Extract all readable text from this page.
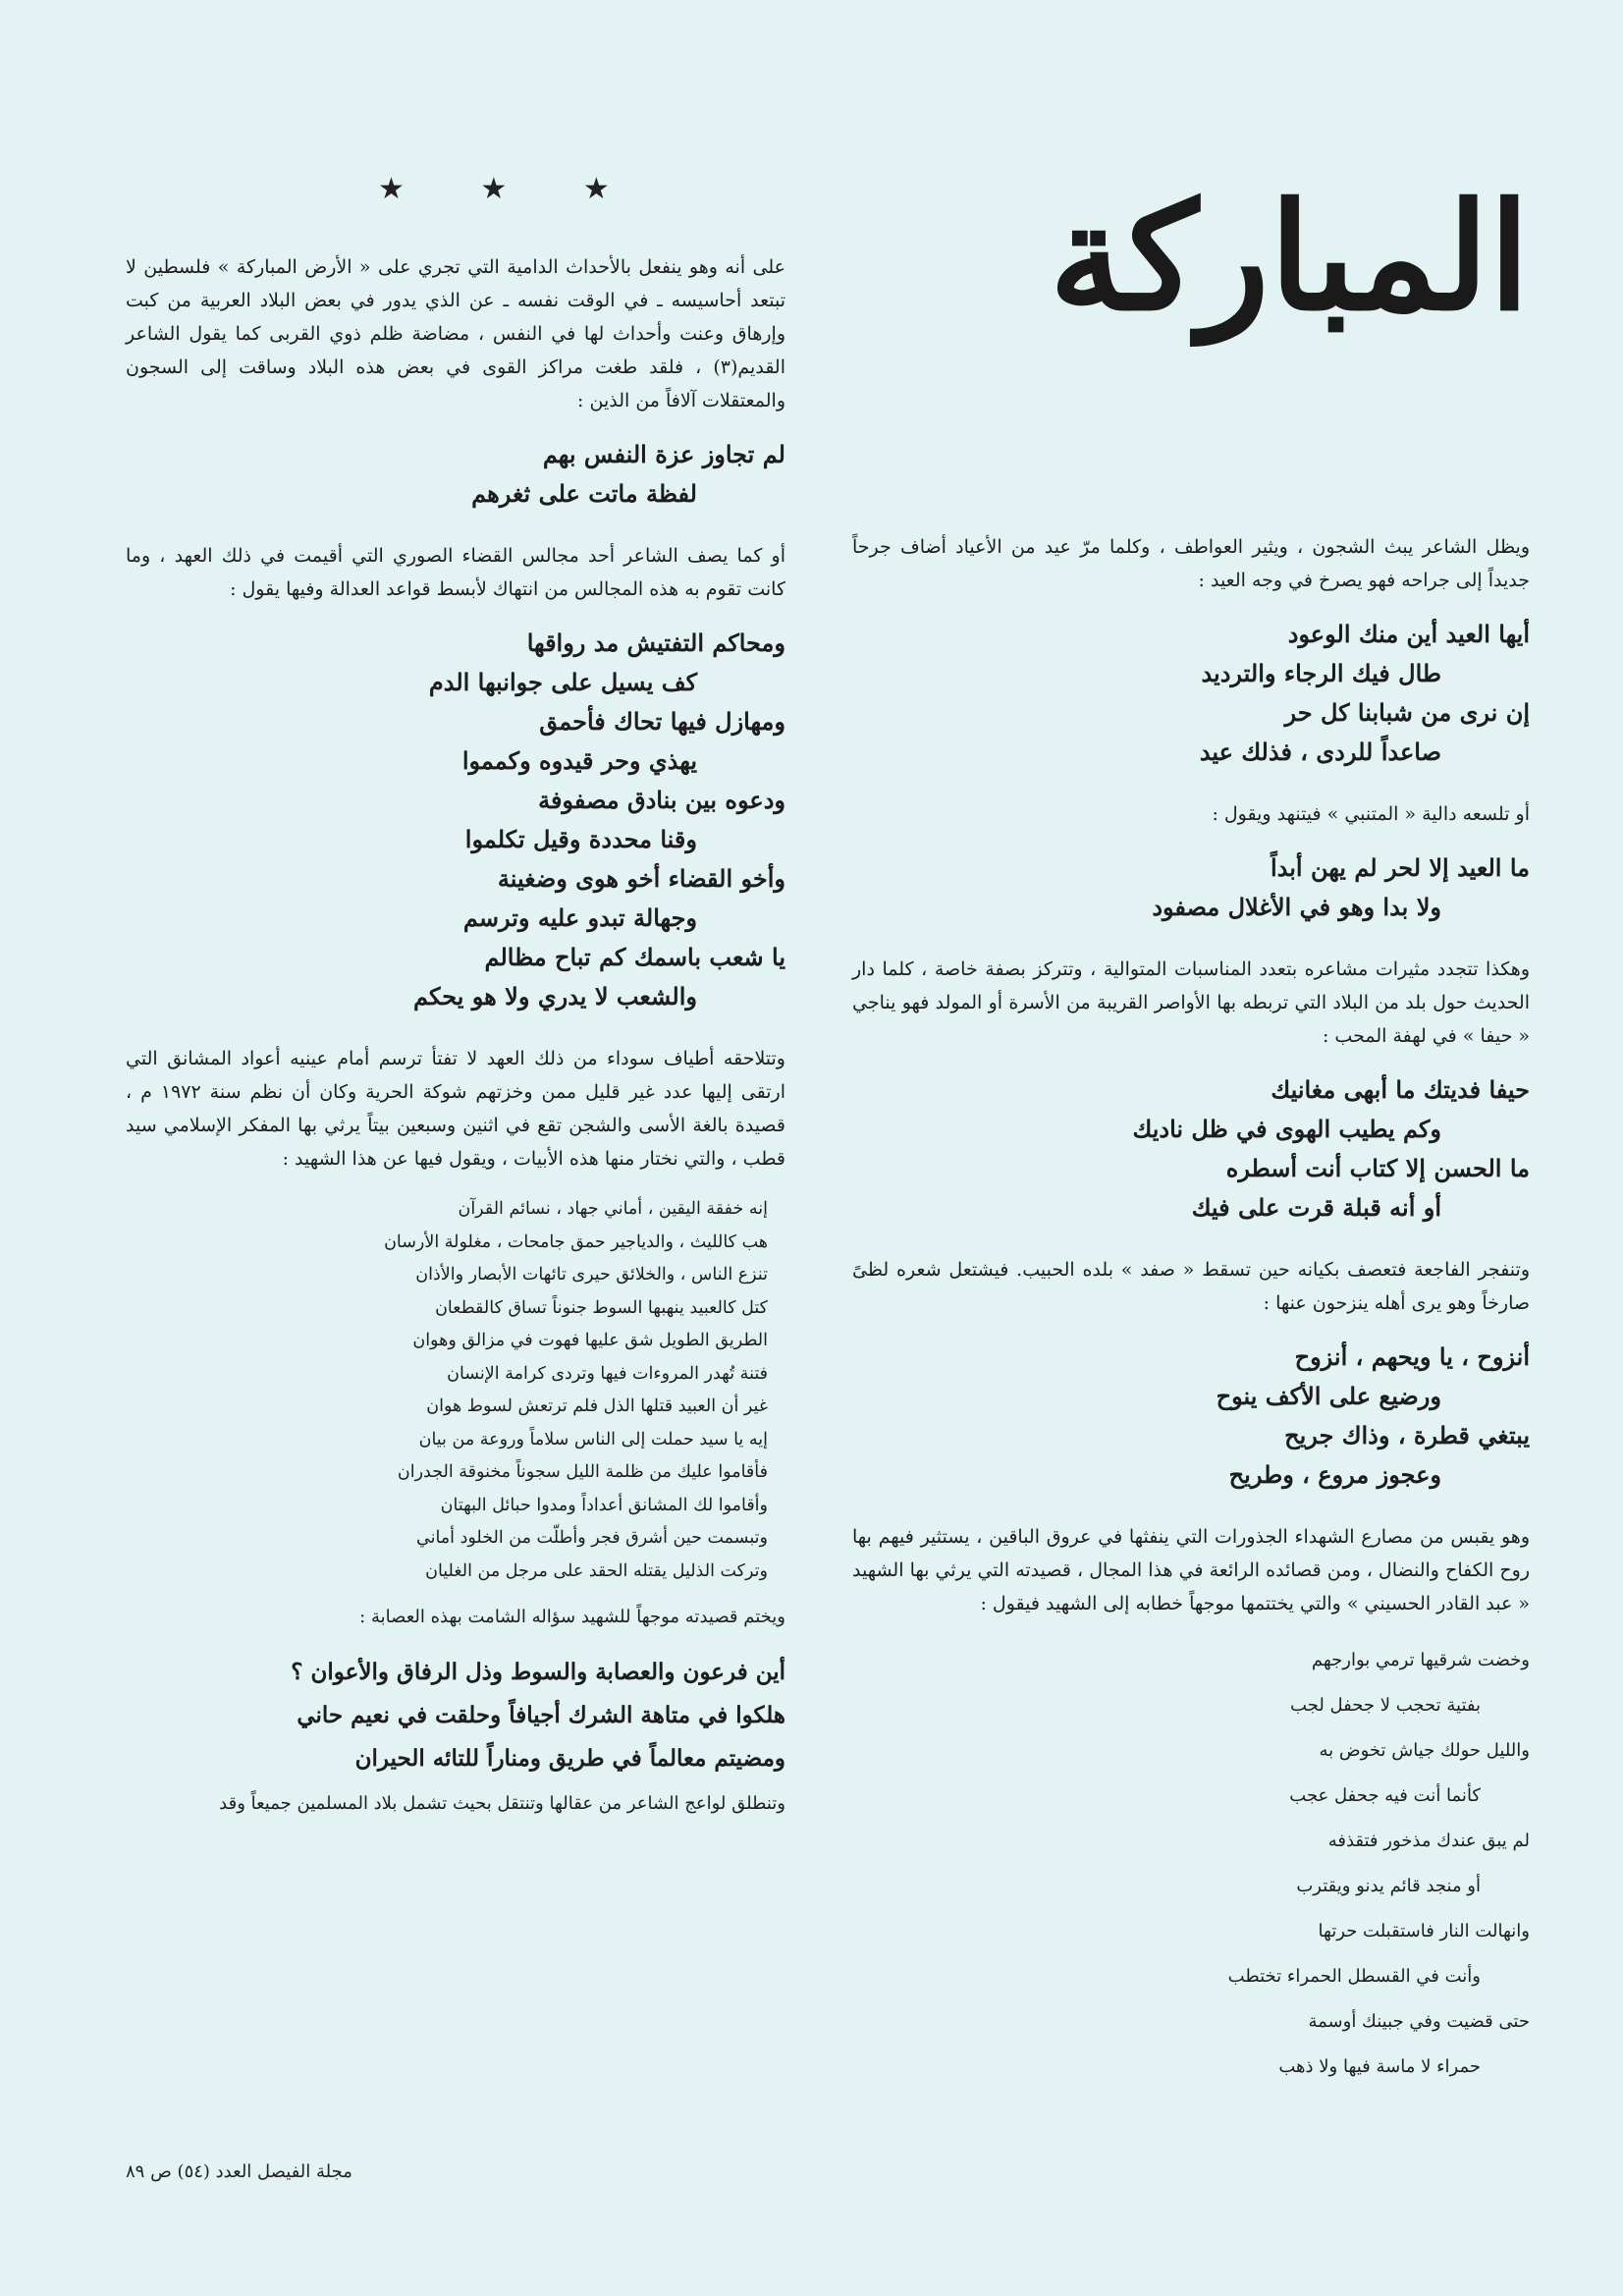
المباركة
★ ★ ★

ويظل الشاعر يبث الشجون ، ويثير العواطف ، وكلما مرّ عيد من الأعياد أضاف جرحاً جديداً إلى جراحه فهو يصرخ في وجه العيد :

أيها العيد أين منك الوعود
طال فيك الرجاء والترديد
إن نرى من شبابنا كل حر
صاعداً للردى ، فذلك عيد

أو تلسعه دالية « المتنبي » فيتنهد ويقول :

ما العيد إلا لحر لم يهن أبداً
ولا بدا وهو في الأغلال مصفود

وهكذا تتجدد مثيرات مشاعره بتعدد المناسبات المتوالية ، وتتركز بصفة خاصة ، كلما دار الحديث حول بلد من البلاد التي تربطه بها الأواصر القريبة من الأسرة أو المولد فهو يناجي « حيفا » في لهفة المحب :

حيفا فديتك ما أبهى مغانيك
وكم يطيب الهوى في ظل ناديك
ما الحسن إلا كتاب أنت أسطره
أو أنه قبلة قرت على فيك

وتنفجر الفاجعة فتعصف بكيانه حين تسقط « صفد » بلده الحبيب. فيشتعل شعره لظىً صارخاً وهو يرى أهله ينزحون عنها :

أنزوح ، يا ويحهم ، أنزوح
ورضيع على الأكف ينوح
يبتغي قطرة ، وذاك جريح
وعجوز مروع ، وطريح

وهو يقبس من مصارع الشهداء الجذورات التي ينفثها في عروق الباقين ، يستثير فيهم بها روح الكفاح والنضال ، ومن قصائده الرائعة في هذا المجال ، قصيدته التي يرثي بها الشهيد « عبد القادر الحسيني » والتي يختتمها موجهاً خطابه إلى الشهيد فيقول :

وخضت شرقيها ترمي بوارجهم
بفتية تحجب لا جحفل لجب
والليل حولك جياش تخوض به
كأنما أنت فيه جحفل عجب
لم يبق عندك مذخور فتقذفه
أو منجد قائم يدنو ويقترب
وانهالت النار فاستقبلت حرتها
وأنت في القسطل الحمراء تختطب
حتى قضيت وفي جبينك أوسمة
حمراء لا ماسة فيها ولا ذهب

على أنه وهو ينفعل بالأحداث الدامية التي تجري على « الأرض المباركة » فلسطين لا تبتعد أحاسيسه ـ في الوقت نفسه ـ عن الذي يدور في بعض البلاد العربية من كبت وإرهاق وعنت وأحداث لها في النفس ، مضاضة ظلم ذوي القربى كما يقول الشاعر القديم(٣) ، فلقد طغت مراكز القوى في بعض هذه البلاد وساقت إلى السجون والمعتقلات آلافاً من الذين :

لم تجاوز عزة النفس بهم
لفظة ماتت على ثغرهم

أو كما يصف الشاعر أحد مجالس القضاء الصوري التي أقيمت في ذلك العهد ، وما كانت تقوم به هذه المجالس من انتهاك لأبسط قواعد العدالة وفيها يقول :

ومحاكم التفتيش مد رواقها
كف يسيل على جوانبها الدم
ومهازل فيها تحاك فأحمق
يهذي وحر قيدوه وكمموا
ودعوه بين بنادق مصفوفة
وقنا محددة وقيل تكلموا
وأخو القضاء أخو هوى وضغينة
وجهالة تبدو عليه وترسم
يا شعب باسمك كم تباح مظالم
والشعب لا يدري ولا هو يحكم

وتتلاحقه أطياف سوداء من ذلك العهد لا تفتأ ترسم أمام عينيه أعواد المشانق التي ارتقى إليها عدد غير قليل ممن وخزتهم شوكة الحرية وكان أن نظم سنة ١٩٧٢ م ، قصيدة بالغة الأسى والشجن تقع في اثنين وسبعين بيتاً يرثي بها المفكر الإسلامي سيد قطب ، والتي نختار منها هذه الأبيات ، ويقول فيها عن هذا الشهيد :

إنه خفقة اليقين ، أماني جهاد ، نسائم القرآن
هب كالليث ، والدياجير حمق جامحات ، مغلولة الأرسان
تنزع الناس ، والخلائق حيرى تائهات الأبصار والأذان
كتل كالعبيد ينهبها السوط جنوناً تساق كالقطعان
الطريق الطويل شق عليها فهوت في مزالق وهوان
فتنة تُهدر المروءات فيها وتردى كرامة الإنسان
غير أن العبيد قتلها الذل فلم ترتعش لسوط هوان
إيه يا سيد حملت إلى الناس سلاماً وروعة من بيان
فأقاموا عليك من ظلمة الليل سجوناً مخنوقة الجدران
وأقاموا لك المشانق أعداداً ومدوا حبائل البهتان
وتبسمت حين أشرق فجر وأطلّت من الخلود أماني
وتركت الذليل يقتله الحقد على مرجل من الغليان

ويختم قصيدته موجهاً للشهيد سؤاله الشامت بهذه العصابة :

أين فرعون والعصابة والسوط وذل الرفاق والأعوان ؟
هلكوا في متاهة الشرك أجيافاً وحلقت في نعيم حاني
ومضيتم معالماً في طريق ومناراً للتائه الحيران

وتنطلق لواعج الشاعر من عقالها وتنتقل بحيث تشمل بلاد المسلمين جميعاً وقد

مجلة الفيصل العدد (٥٤) ص ٨٩
